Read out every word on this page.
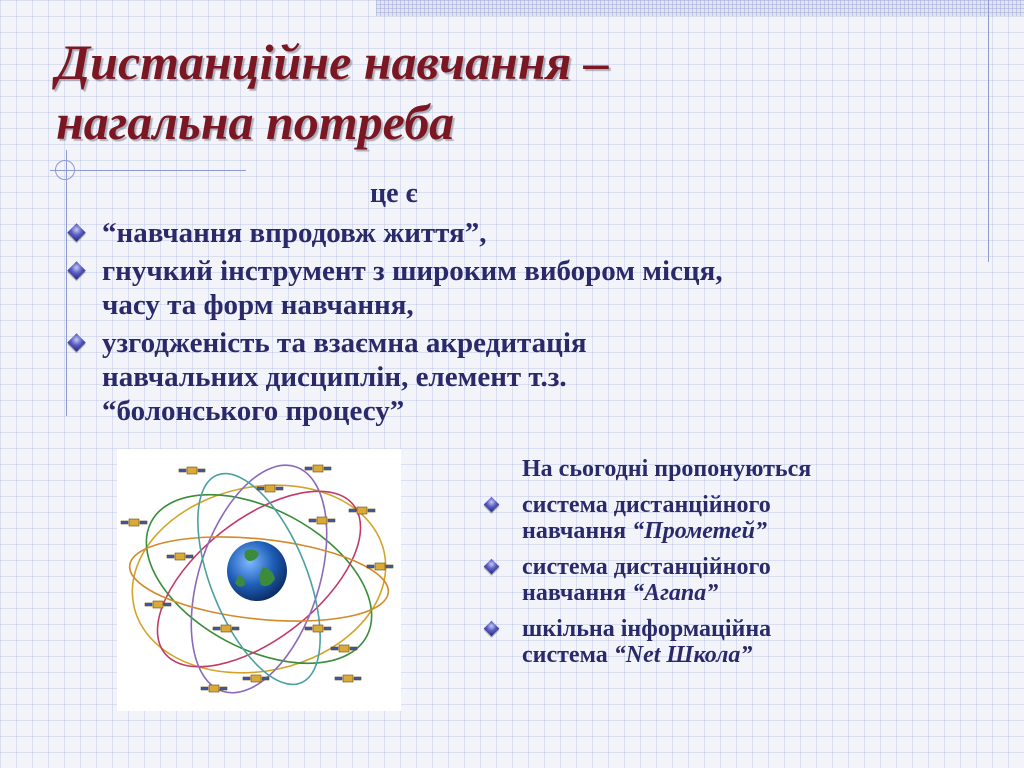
Дистанційне навчання –
нагальна потреба
це є
“навчання впродовж життя”,
гнучкий інструмент з широким вибором місця,
часу та форм навчання,
узгодженість та взаємна акредитація
навчальних дисциплін, елемент т.з.
“болонського процесу”
На сьогодні пропонуються
система дистанційного
навчання “Прометей”
система дистанційного
навчання “Агапа”
шкільна інформаційна
система “Net Школа”
